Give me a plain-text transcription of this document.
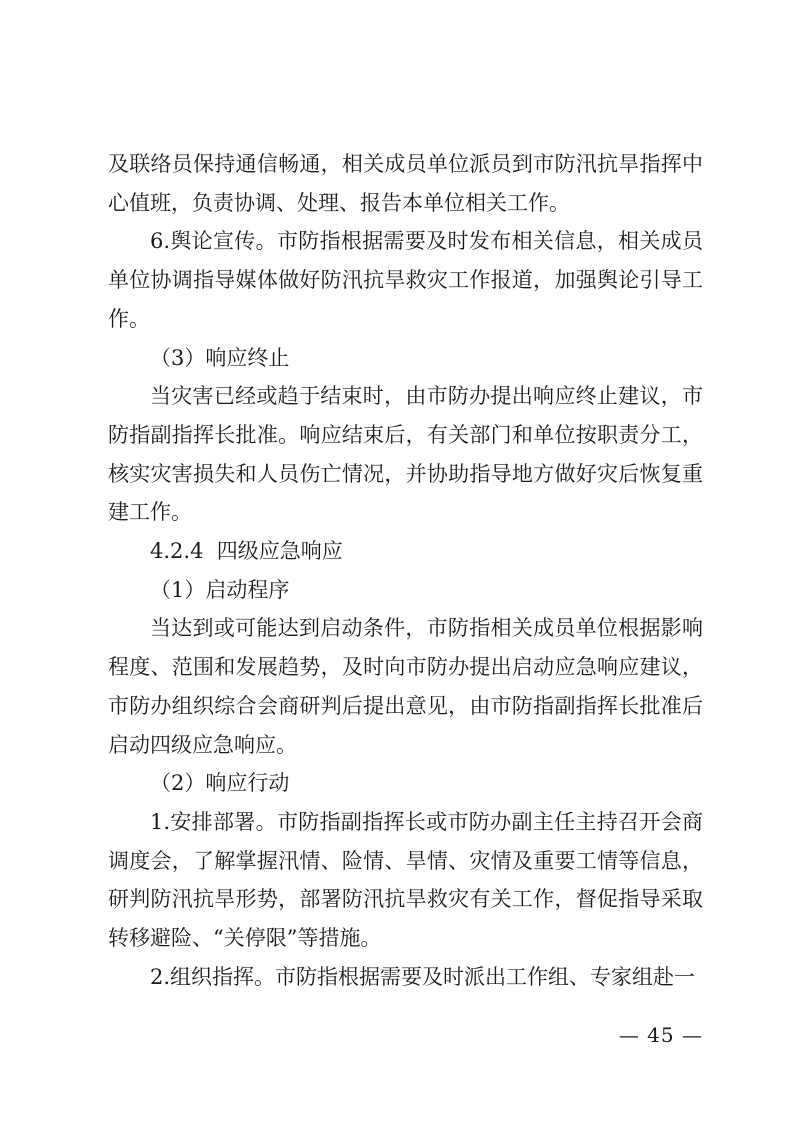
及联络员保持通信畅通，相关成员单位派员到市防汛抗旱指挥中心值班，负责协调、处理、报告本单位相关工作。

6.舆论宣传。市防指根据需要及时发布相关信息，相关成员单位协调指导媒体做好防汛抗旱救灾工作报道，加强舆论引导工作。

（3）响应终止

当灾害已经或趋于结束时，由市防办提出响应终止建议，市防指副指挥长批准。响应结束后，有关部门和单位按职责分工，核实灾害损失和人员伤亡情况，并协助指导地方做好灾后恢复重建工作。

4.2.4  四级应急响应

（1）启动程序

当达到或可能达到启动条件，市防指相关成员单位根据影响程度、范围和发展趋势，及时向市防办提出启动应急响应建议，市防办组织综合会商研判后提出意见，由市防指副指挥长批准后启动四级应急响应。

（2）响应行动

1.安排部署。市防指副指挥长或市防办副主任主持召开会商调度会，了解掌握汛情、险情、旱情、灾情及重要工情等信息，研判防汛抗旱形势，部署防汛抗旱救灾有关工作，督促指导采取转移避险、“关停限”等措施。

2.组织指挥。市防指根据需要及时派出工作组、专家组赴一

— 45 —
